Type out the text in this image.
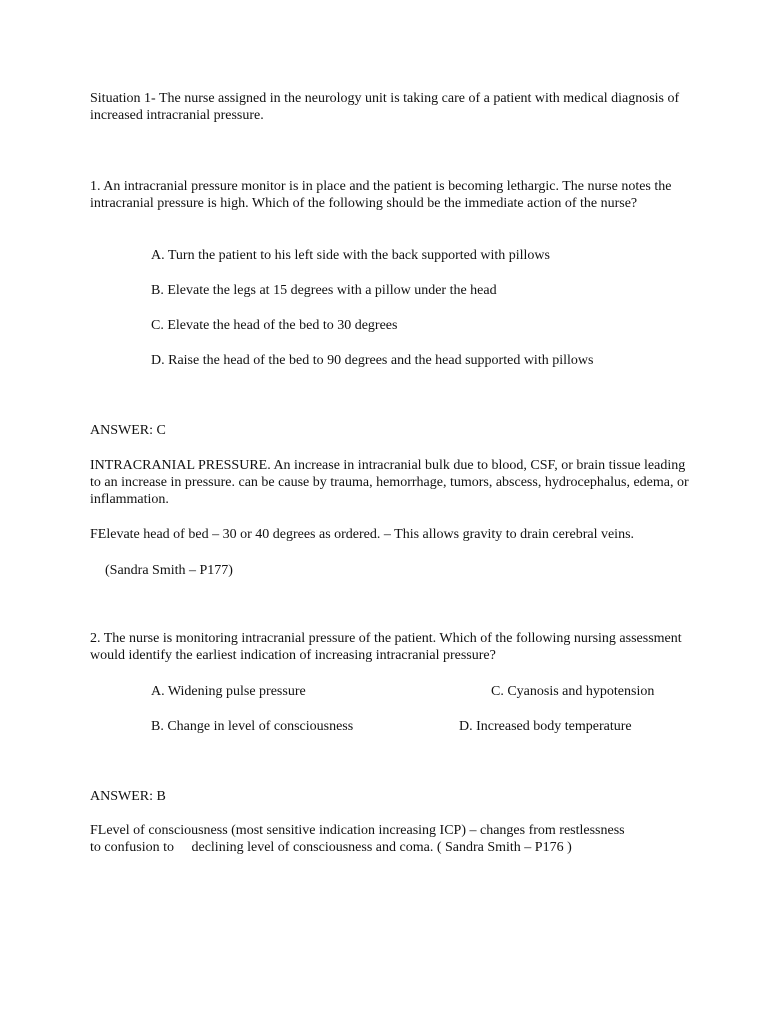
Situation 1- The nurse assigned in the neurology unit is taking care of a patient with medical diagnosis of increased intracranial pressure.

1. An intracranial pressure monitor is in place and the patient is becoming lethargic. The nurse notes the intracranial pressure is high. Which of the following should be the immediate action of the nurse?

A. Turn the patient to his left side with the back supported with pillows

B. Elevate the legs at 15 degrees with a pillow under the head

C. Elevate the head of the bed to 30 degrees

D. Raise the head of the bed to 90 degrees and the head supported with pillows

ANSWER: C

INTRACRANIAL PRESSURE. An increase in intracranial bulk due to blood, CSF, or brain tissue leading to an increase in pressure. can be cause by trauma, hemorrhage, tumors, abscess, hydrocephalus, edema, or inflammation.

FElevate head of bed – 30 or 40 degrees as ordered. – This allows gravity to drain cerebral veins.

(Sandra Smith – P177)

2. The nurse is monitoring intracranial pressure of the patient. Which of the following nursing assessment would identify the earliest indication of increasing intracranial pressure?

A. Widening pulse pressure	C. Cyanosis and hypotension

B. Change in level of consciousness	D. Increased body temperature

ANSWER: B

FLevel of consciousness (most sensitive indication increasing ICP) – changes from restlessness

to confusion to     declining level of consciousness and coma. ( Sandra Smith – P176 )
